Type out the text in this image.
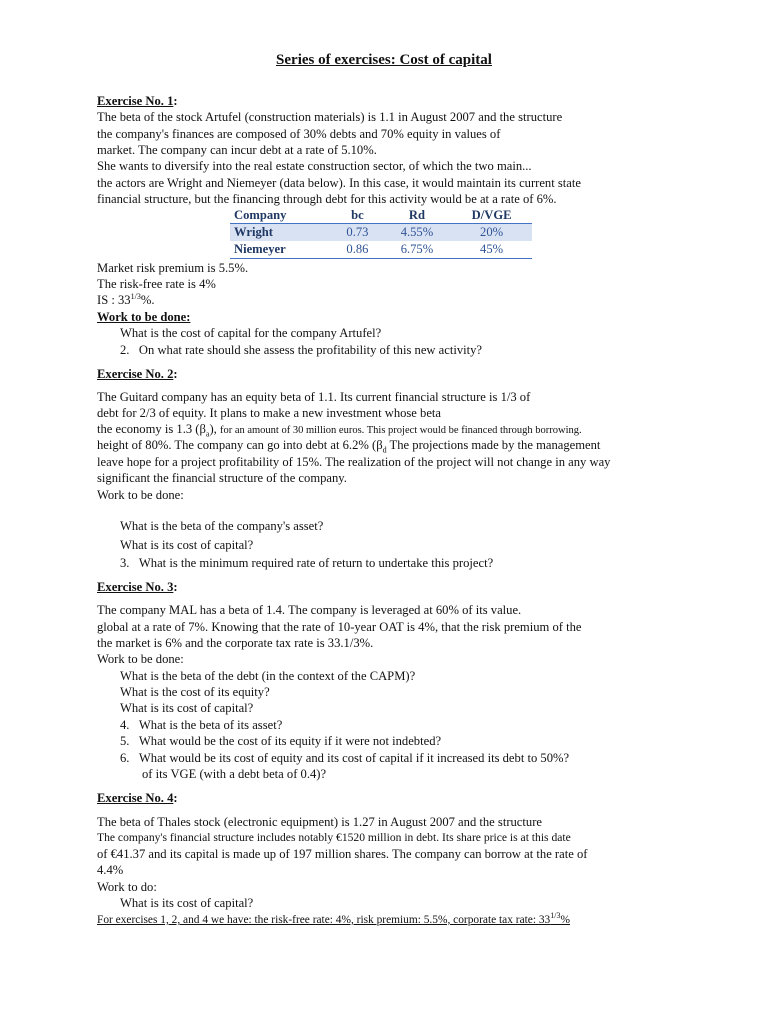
Series of exercises: Cost of capital
Exercise No. 1:
The beta of the stock Artufel (construction materials) is 1.1 in August 2007 and the structure
the company's finances are composed of 30% debts and 70% equity in values of
market. The company can incur debt at a rate of 5.10%.
She wants to diversify into the real estate construction sector, of which the two main...
the actors are Wright and Niemeyer (data below). In this case, it would maintain its current state
financial structure, but the financing through debt for this activity would be at a rate of 6%.
Company	bc	Rd	D/VGE
Wright	0.73	4.55%	20%
Niemeyer	0.86	6.75%	45%
Market risk premium is 5.5%.
The risk-free rate is 4%
IS : $33^{1/3}\%$.
Work to be done:
What is the cost of capital for the company Artufel?
2. On what rate should she assess the profitability of this new activity?
Exercise No. 2:
The Guitard company has an equity beta of 1.1. Its current financial structure is 1/3 of
debt for 2/3 of equity. It plans to make a new investment whose beta
the economy is 1.3 $(\beta_a)$, for an amount of 30 million euros. This project would be financed through borrowing.
height of 80%. The company can go into debt at 6.2% ($\beta_d$ The projections made by the management
leave hope for a project profitability of 15%. The realization of the project will not change in any way
significant the financial structure of the company.
Work to be done:
What is the beta of the company's asset?
What is its cost of capital?
3. What is the minimum required rate of return to undertake this project?
Exercise No. 3:
The company MAL has a beta of 1.4. The company is leveraged at 60% of its value.
global at a rate of 7%. Knowing that the rate of 10-year OAT is 4%, that the risk premium of the
the market is 6% and the corporate tax rate is 33.1/3%.
Work to be done:
What is the beta of the debt (in the context of the CAPM)?
What is the cost of its equity?
What is its cost of capital?
4. What is the beta of its asset?
5. What would be the cost of its equity if it were not indebted?
6. What would be its cost of equity and its cost of capital if it increased its debt to 50%?
of its VGE (with a debt beta of 0.4)?
Exercise No. 4:
The beta of Thales stock (electronic equipment) is 1.27 in August 2007 and the structure
The company's financial structure includes notably €1520 million in debt. Its share price is at this date
of €41.37 and its capital is made up of 197 million shares. The company can borrow at the rate of
4.4%
Work to do:
What is its cost of capital?
For exercises 1, 2, and 4 we have: the risk-free rate: 4%, risk premium: 5.5%, corporate tax rate: $33^{1/3}\%$
